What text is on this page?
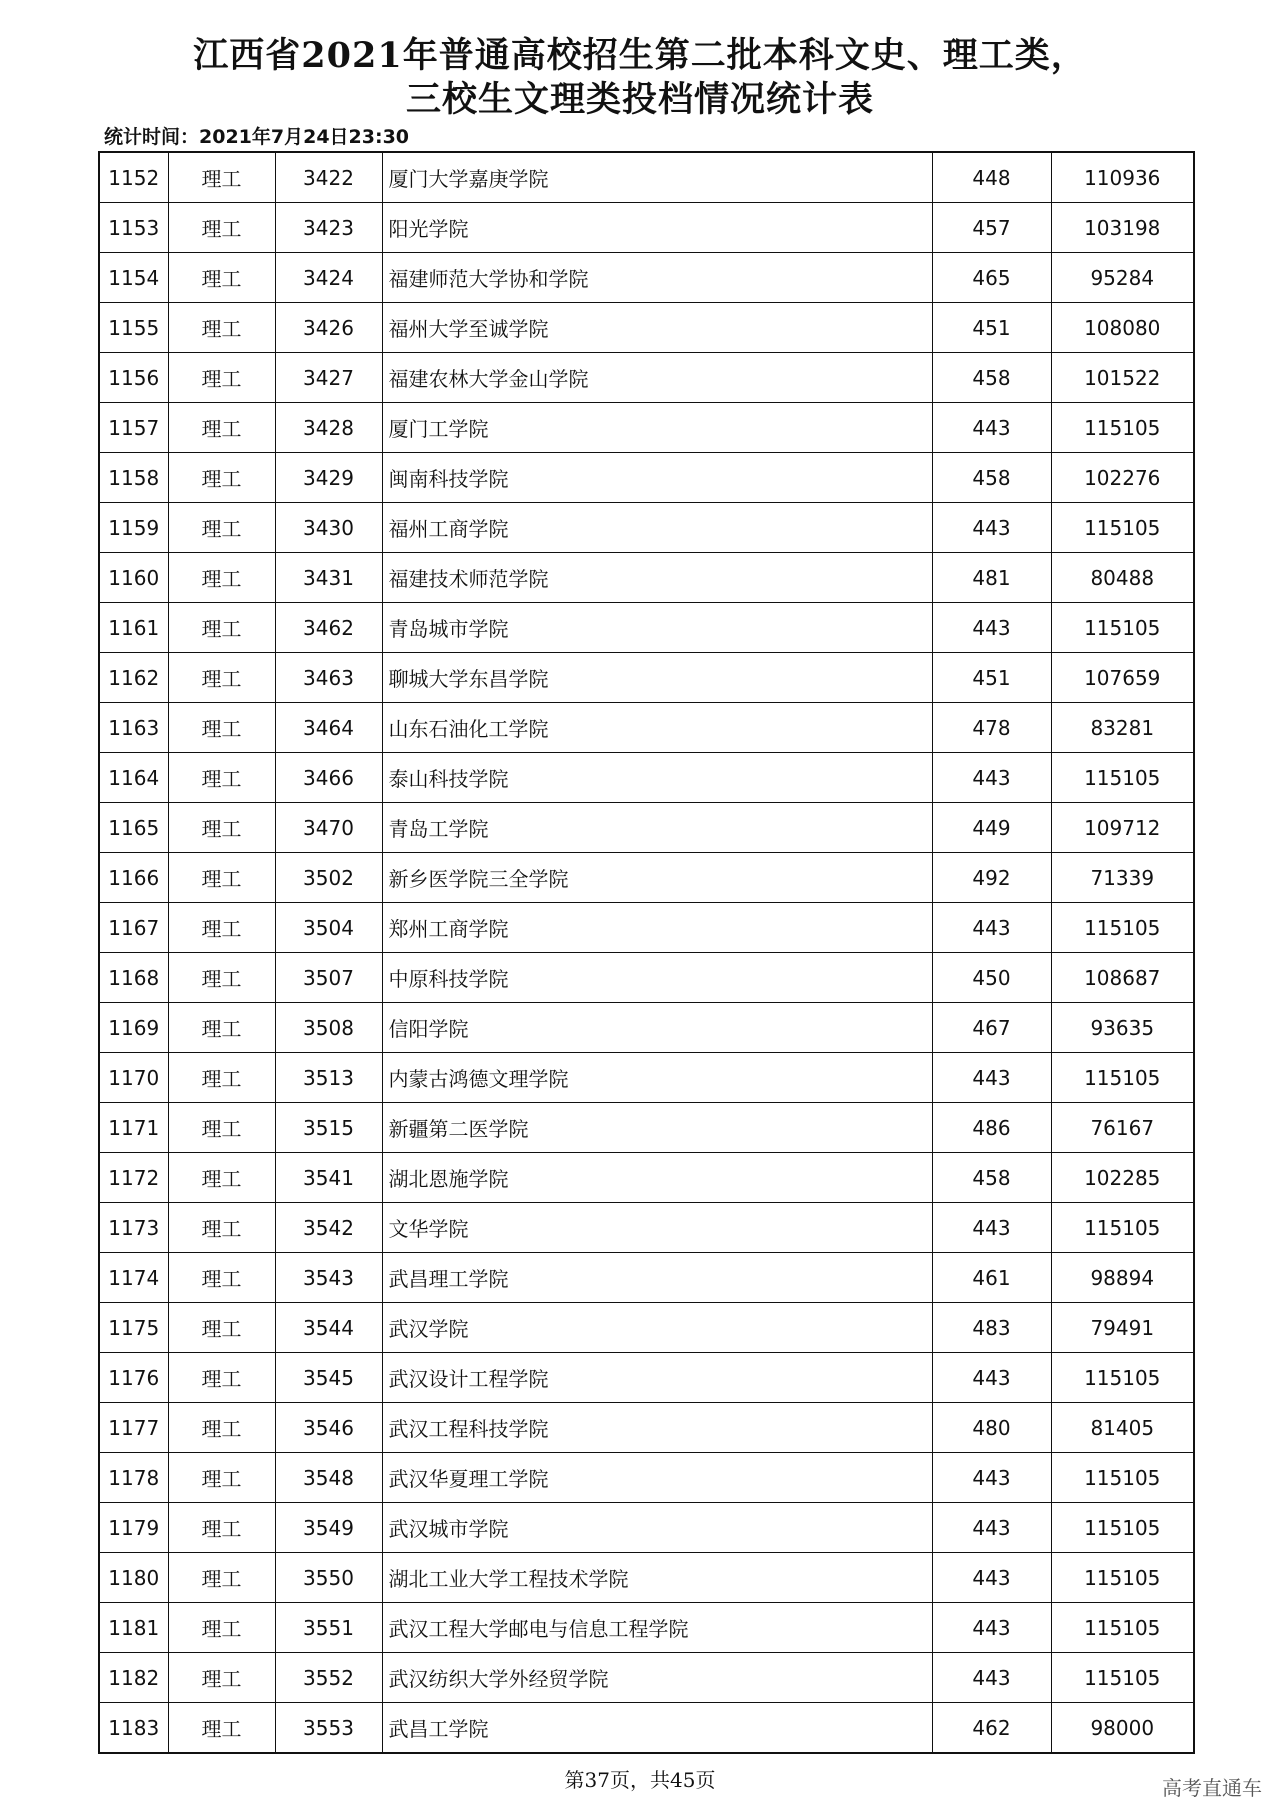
江西省2021年普通高校招生第二批本科文史、理工类，
三校生文理类投档情况统计表
统计时间：2021年7月24日23:30
1152	理工	3422	厦门大学嘉庚学院	448	110936
1153	理工	3423	阳光学院	457	103198
1154	理工	3424	福建师范大学协和学院	465	95284
1155	理工	3426	福州大学至诚学院	451	108080
1156	理工	3427	福建农林大学金山学院	458	101522
1157	理工	3428	厦门工学院	443	115105
1158	理工	3429	闽南科技学院	458	102276
1159	理工	3430	福州工商学院	443	115105
1160	理工	3431	福建技术师范学院	481	80488
1161	理工	3462	青岛城市学院	443	115105
1162	理工	3463	聊城大学东昌学院	451	107659
1163	理工	3464	山东石油化工学院	478	83281
1164	理工	3466	泰山科技学院	443	115105
1165	理工	3470	青岛工学院	449	109712
1166	理工	3502	新乡医学院三全学院	492	71339
1167	理工	3504	郑州工商学院	443	115105
1168	理工	3507	中原科技学院	450	108687
1169	理工	3508	信阳学院	467	93635
1170	理工	3513	内蒙古鸿德文理学院	443	115105
1171	理工	3515	新疆第二医学院	486	76167
1172	理工	3541	湖北恩施学院	458	102285
1173	理工	3542	文华学院	443	115105
1174	理工	3543	武昌理工学院	461	98894
1175	理工	3544	武汉学院	483	79491
1176	理工	3545	武汉设计工程学院	443	115105
1177	理工	3546	武汉工程科技学院	480	81405
1178	理工	3548	武汉华夏理工学院	443	115105
1179	理工	3549	武汉城市学院	443	115105
1180	理工	3550	湖北工业大学工程技术学院	443	115105
1181	理工	3551	武汉工程大学邮电与信息工程学院	443	115105
1182	理工	3552	武汉纺织大学外经贸学院	443	115105
1183	理工	3553	武昌工学院	462	98000
第37页，共45页	高考直通车
